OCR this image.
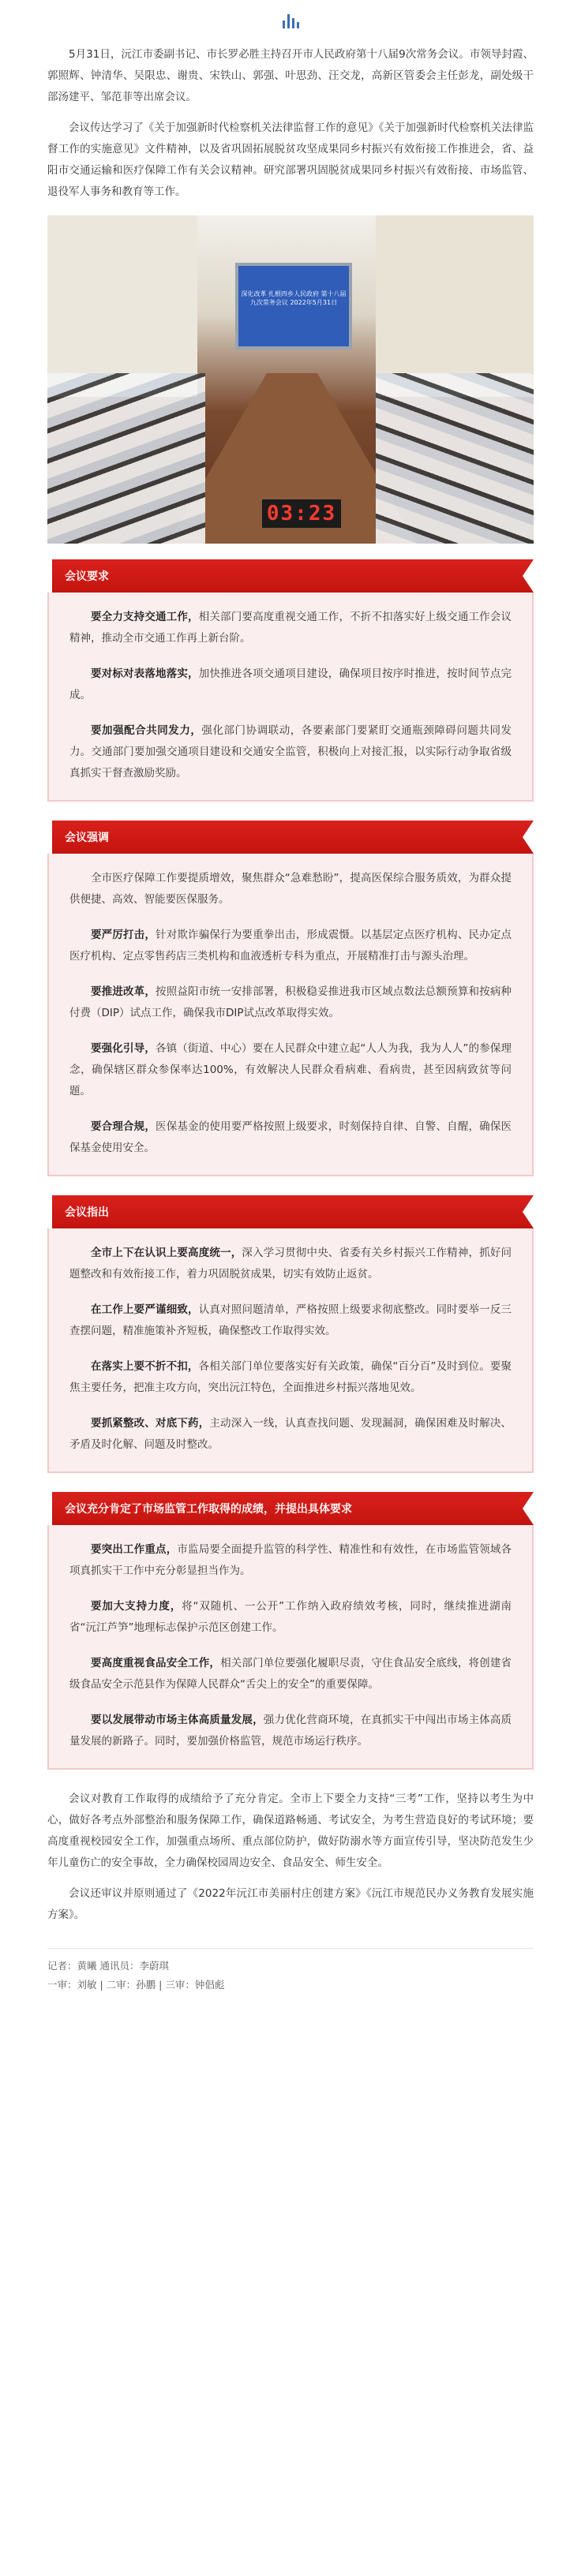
5月31日，沅江市委副书记、市长罗必胜主持召开市人民政府第十八届9次常务会议。市领导封霞、郭照辉、钟清华、吴限忠、谢贵、宋铁山、郭强、叶思劲、汪交龙，高新区管委会主任彭龙，副处级干部汤建平、邹范菲等出席会议。

会议传达学习了《关于加强新时代检察机关法律监督工作的意见》《关于加强新时代检察机关法律监督工作的实施意见》文件精神，以及省巩固拓展脱贫攻坚成果同乡村振兴有效衔接工作推进会，省、益阳市交通运输和医疗保障工作有关会议精神。研究部署巩固脱贫成果同乡村振兴有效衔接、市场监管、退役军人事务和教育等工作。

深化改革 扎根四乡人民政府 第十八届九次常务会议 2022年5月31日
03:23
会议要求

要全力支持交通工作，相关部门要高度重视交通工作，不折不扣落实好上级交通工作会议精神，推动全市交通工作再上新台阶。

要对标对表落地落实，加快推进各项交通项目建设，确保项目按序时推进，按时间节点完成。

要加强配合共同发力，强化部门协调联动，各要素部门要紧盯交通瓶颈障碍问题共同发力。交通部门要加强交通项目建设和交通安全监管，积极向上对接汇报，以实际行动争取省级真抓实干督查激励奖励。

会议强调

全市医疗保障工作要提质增效，聚焦群众“急难愁盼”，提高医保综合服务质效，为群众提供便捷、高效、智能要医保服务。

要严厉打击，针对欺诈骗保行为要重拳出击，形成震慑。以基层定点医疗机构、民办定点医疗机构、定点零售药店三类机构和血液透析专科为重点，开展精准打击与源头治理。

要推进改革，按照益阳市统一安排部署，积极稳妥推进我市区域点数法总额预算和按病种付费（DIP）试点工作，确保我市DIP试点改革取得实效。

要强化引导，各镇（街道、中心）要在人民群众中建立起“人人为我，我为人人”的参保理念，确保辖区群众参保率达100%，有效解决人民群众看病难、看病贵，甚至因病致贫等问题。

要合理合规，医保基金的使用要严格按照上级要求，时刻保持自律、自警、自醒，确保医保基金使用安全。

会议指出

全市上下在认识上要高度统一，深入学习贯彻中央、省委有关乡村振兴工作精神，抓好问题整改和有效衔接工作，着力巩固脱贫成果，切实有效防止返贫。

在工作上要严谨细致，认真对照问题清单，严格按照上级要求彻底整改。同时要举一反三查摆问题，精准施策补齐短板，确保整改工作取得实效。

在落实上要不折不扣，各相关部门单位要落实好有关政策，确保“百分百”及时到位。要聚焦主要任务，把准主攻方向，突出沅江特色，全面推进乡村振兴落地见效。

要抓紧整改、对底下药，主动深入一线，认真查找问题、发现漏洞，确保困难及时解决、矛盾及时化解、问题及时整改。

会议充分肯定了市场监管工作取得的成绩，并提出具体要求

要突出工作重点，市监局要全面提升监管的科学性、精准性和有效性，在市场监管领域各项真抓实干工作中充分彰显担当作为。

要加大支持力度，将“双随机、一公开”工作纳入政府绩效考核，同时，继续推进湖南省“沅江芦笋”地理标志保护示范区创建工作。

要高度重视食品安全工作，相关部门单位要强化履职尽责，守住食品安全底线，将创建省级食品安全示范县作为保障人民群众“舌尖上的安全”的重要保障。

要以发展带动市场主体高质量发展，强力优化营商环境，在真抓实干中闯出市场主体高质量发展的新路子。同时，要加强价格监管，规范市场运行秩序。

会议对教育工作取得的成绩给予了充分肯定。全市上下要全力支持“三考”工作，坚持以考生为中心，做好各考点外部整治和服务保障工作，确保道路畅通、考试安全，为考生营造良好的考试环境；要高度重视校园安全工作，加强重点场所、重点部位防护，做好防溺水等方面宣传引导，坚决防范发生少年儿童伤亡的安全事故，全力确保校园周边安全、食品安全、师生安全。

会议还审议并原则通过了《2022年沅江市美丽村庄创建方案》《沅江市规范民办义务教育发展实施方案》。

记者：黄曦 通讯员：李蔚琪
一审：刘敏 | 二审：孙鹏 | 三审：钟倡彪
